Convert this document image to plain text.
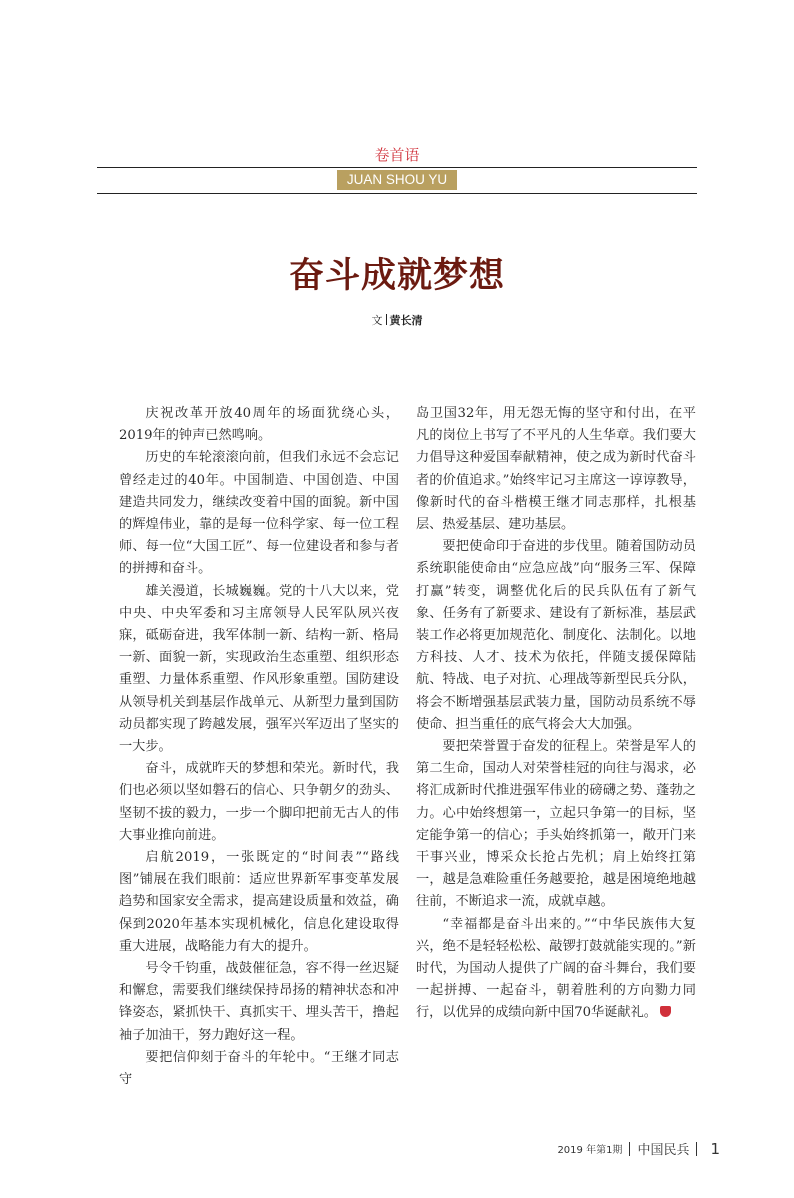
卷首语
JUAN SHOU YU
奋斗成就梦想
文 黄长清

庆祝改革开放40周年的场面犹绕心头，2019年的钟声已然鸣响。

历史的车轮滚滚向前，但我们永远不会忘记曾经走过的40年。中国制造、中国创造、中国建造共同发力，继续改变着中国的面貌。新中国的辉煌伟业，靠的是每一位科学家、每一位工程师、每一位“大国工匠”、每一位建设者和参与者的拼搏和奋斗。

雄关漫道，长城巍巍。党的十八大以来，党中央、中央军委和习主席领导人民军队夙兴夜寐，砥砺奋进，我军体制一新、结构一新、格局一新、面貌一新，实现政治生态重塑、组织形态重塑、力量体系重塑、作风形象重塑。国防建设从领导机关到基层作战单元、从新型力量到国防动员都实现了跨越发展，强军兴军迈出了坚实的一大步。

奋斗，成就昨天的梦想和荣光。新时代，我们也必须以坚如磐石的信心、只争朝夕的劲头、坚韧不拔的毅力，一步一个脚印把前无古人的伟大事业推向前进。

启航2019，一张既定的“时间表”“路线图”铺展在我们眼前：适应世界新军事变革发展趋势和国家安全需求，提高建设质量和效益，确保到2020年基本实现机械化，信息化建设取得重大进展，战略能力有大的提升。

号令千钧重，战鼓催征急，容不得一丝迟疑和懈怠，需要我们继续保持昂扬的精神状态和冲锋姿态，紧抓快干、真抓实干、埋头苦干，撸起袖子加油干，努力跑好这一程。

要把信仰刻于奋斗的年轮中。“王继才同志守

岛卫国32年，用无怨无悔的坚守和付出，在平凡的岗位上书写了不平凡的人生华章。我们要大力倡导这种爱国奉献精神，使之成为新时代奋斗者的价值追求。”始终牢记习主席这一谆谆教导，像新时代的奋斗楷模王继才同志那样，扎根基层、热爱基层、建功基层。

要把使命印于奋进的步伐里。随着国防动员系统职能使命由“应急应战”向“服务三军、保障打赢”转变，调整优化后的民兵队伍有了新气象、任务有了新要求、建设有了新标准，基层武装工作必将更加规范化、制度化、法制化。以地方科技、人才、技术为依托，伴随支援保障陆航、特战、电子对抗、心理战等新型民兵分队，将会不断增强基层武装力量，国防动员系统不辱使命、担当重任的底气将会大大加强。

要把荣誉置于奋发的征程上。荣誉是军人的第二生命，国动人对荣誉桂冠的向往与渴求，必将汇成新时代推进强军伟业的磅礴之势、蓬勃之力。心中始终想第一，立起只争第一的目标，坚定能争第一的信心；手头始终抓第一，敞开门来干事兴业，博采众长抢占先机；肩上始终扛第一，越是急难险重任务越要抢，越是困境绝地越往前，不断追求一流，成就卓越。

“幸福都是奋斗出来的。”“中华民族伟大复兴，绝不是轻轻松松、敲锣打鼓就能实现的。”新时代，为国动人提供了广阔的奋斗舞台，我们要一起拼搏、一起奋斗，朝着胜利的方向勠力同行，以优异的成绩向新中国70华诞献礼。

2019 年第1期 中国民兵 1
